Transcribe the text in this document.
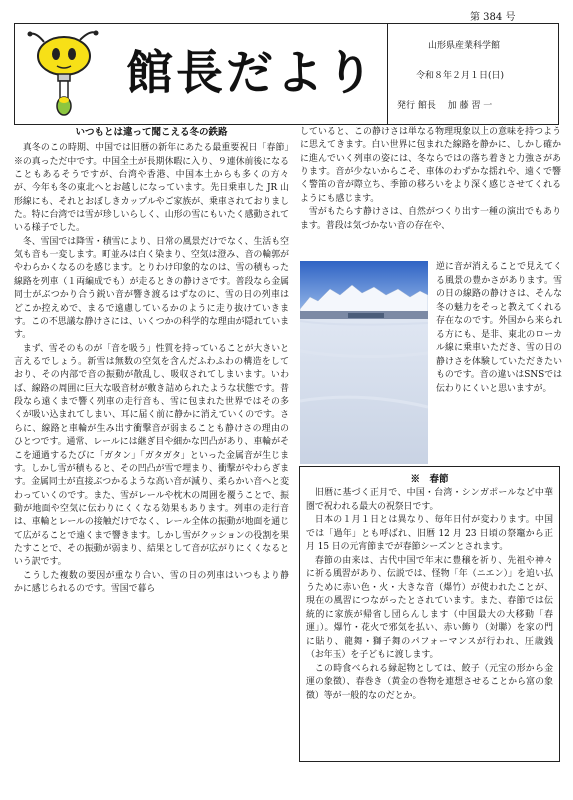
第 384 号
館長だより	山形県産業科学館
令和８年２月１日(日)
発行 館長　 加 藤 習 一
いつもとは違って聞こえる冬の鉄路

真冬のこの時期、中国では旧暦の新年にあたる最重要祝日「春節」※の真っただ中です。中国全土が長期休暇に入り、９連休前後になることもあるそうですが、台湾や香港、中国本土からも多くの方々が、今年も冬の東北へとお越しになっています。先日乗車した JR 山形線にも、それとおぼしきカップルやご家族が、乗車されておりました。特に台湾では雪が珍しいらしく、山形の雪にもいたく感動されている様子でした。

冬、雪国では降雪・積雪により、日常の風景だけでなく、生活も空気も音も一変します。町並みは白く染まり、空気は澄み、音の輪郭がやわらかくなるのを感じます。とりわけ印象的なのは、雪の積もった線路を列車（１両編成でも）が走るときの静けさです。普段なら金属同士がぶつかり合う鋭い音が響き渡るはずなのに、雪の日の列車はどこか控えめで、まるで遠慮しているかのように走り抜けていきます。この不思議な静けさには、いくつかの科学的な理由が隠れています。

まず、雪そのものが「音を吸う」性質を持っていることが大きいと言えるでしょう。新雪は無数の空気を含んだふわふわの構造をしており、その内部で音の振動が散乱し、吸収されてしまいます。いわば、線路の周囲に巨大な吸音材が敷き詰められたような状態です。普段なら遠くまで響く列車の走行音も、雪に包まれた世界ではその多くが吸い込まれてしまい、耳に届く前に静かに消えていくのです。さらに、線路と車輪が生み出す衝撃音が弱まることも静けさの理由のひとつです。通常、レールには継ぎ目や細かな凹凸があり、車輪がそこを通過するたびに「ガタン」「ガタガタ」といった金属音が生じます。しかし雪が積もると、その凹凸が雪で埋まり、衝撃がやわらぎます。金属同士が直接ぶつかるような高い音が減り、柔らかい音へと変わっていくのです。また、雪がレールや枕木の周囲を覆うことで、振動が地面や空気に伝わりにくくなる効果もあります。列車の走行音は、車輪とレールの接触だけでなく、レール全体の振動が地面を通じて広がることで遠くまで響きます。しかし雪がクッションの役割を果たすことで、その振動が弱まり、結果として音が広がりにくくなるという訳です。

こうした複数の要因が重なり合い、雪の日の列車はいつもより静かに感じられるのです。雪国で暮ら

していると、この静けさは単なる物理現象以上の意味を持つように思えてきます。白い世界に包まれた線路を静かに、しかし確かに進んでいく列車の姿には、冬ならではの落ち着きと力強さがあります。音が少ないからこそ、車体のわずかな揺れや、遠くで響く警笛の音が際立ち、季節の移ろいをより深く感じさせてくれるようにも感じます。

雪がもたらす静けさは、自然がつくり出す一種の演出でもあります。普段は気づかない音の存在や、

逆に音が消えることで見えてくる風景の豊かさがあります。雪の日の線路の静けさは、そんな冬の魅力をそっと教えてくれる存在なのです。外国から来られる方にも、是非、東北のローカル線に乗車いただき、雪の日の静けさを体験していただきたいものです。音の違いはSNSでは伝わりにくいと思いますが。
※　春節

旧暦に基づく正月で、中国・台湾・シンガポールなど中華圏で祝われる最大の祝祭日です。

日本の１月１日とは異なり、毎年日付が変わります。中国では「過年」とも呼ばれ、旧暦 12 月 23 日頃の祭竈から正月 15 日の元宵節までが春節シーズンとされます。

春節の由来は、古代中国で年末に豊穣を祈り、先祖や神々に祈る風習があり、伝説では、怪物「年（ニエン）」を追い払うために赤い色・火・大きな音（爆竹）が使われたことが、現在の風習につながったとされています。また、春節では伝統的に家族が帰省し団らんします（中国最大の大移動「春運」）。爆竹・花火で邪気を払い、赤い飾り（対聯）を家の門に貼り、龍舞・獅子舞のパフォーマンスが行われ、圧歳銭（お年玉）を子どもに渡します。

この時食べられる縁起物としては、餃子（元宝の形から金運の象徴）、春巻き（黄金の巻物を連想させることから富の象徴）等が一般的なのだとか。
